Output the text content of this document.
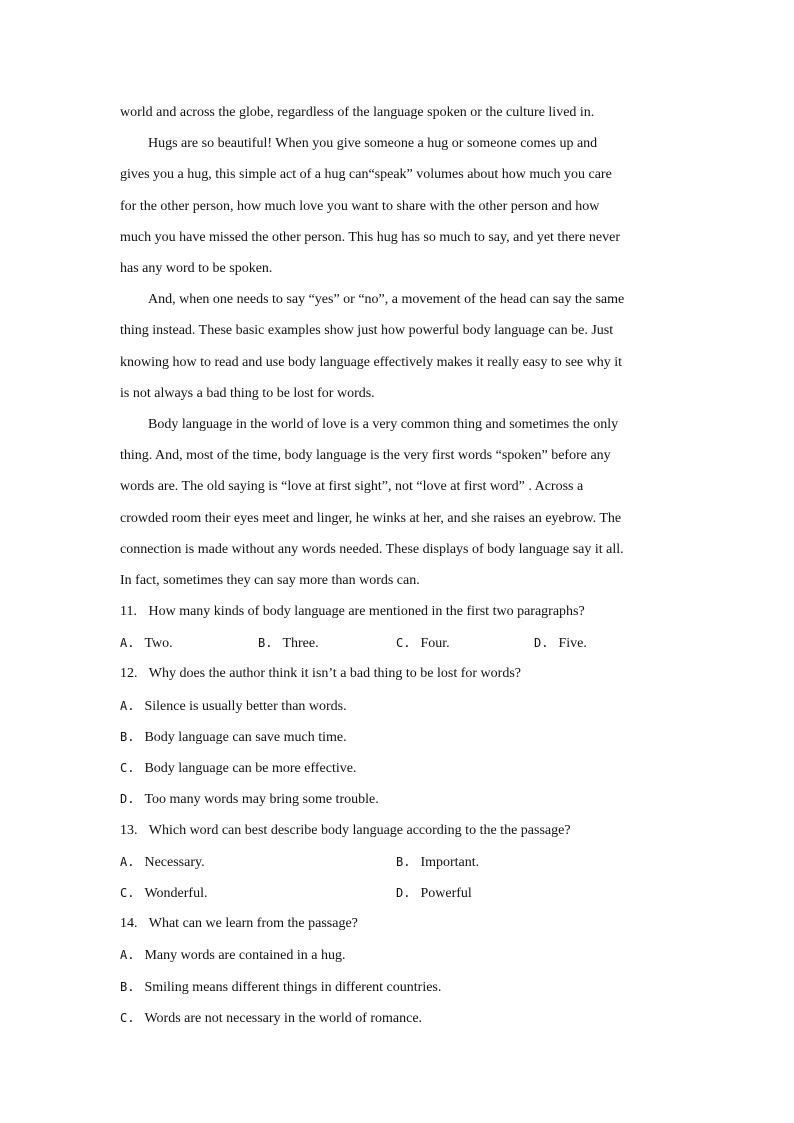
world and across the globe, regardless of the language spoken or the culture lived in.
Hugs are so beautiful! When you give someone a hug or someone comes up and
gives you a hug, this simple act of a hug can“speak” volumes about how much you care
for the other person, how much love you want to share with the other person and how
much you have missed the other person. This hug has so much to say, and yet there never
has any word to be spoken.
And, when one needs to say “yes” or “no”, a movement of the head can say the same
thing instead. These basic examples show just how powerful body language can be. Just
knowing how to read and use body language effectively makes it really easy to see why it
is not always a bad thing to be lost for words.
Body language in the world of love is a very common thing and sometimes the only
thing. And, most of the time, body language is the very first words “spoken” before any
words are. The old saying is “love at first sight”, not “love at first word” . Across a
crowded room their eyes meet and linger, he winks at her, and she raises an eyebrow. The
connection is made without any words needed. These displays of body language say it all.
In fact, sometimes they can say more than words can.
11. How many kinds of body language are mentioned in the first two paragraphs?
A. Two.	B. Three.	C. Four.	D. Five.
12. Why does the author think it isn’t a bad thing to be lost for words?
A. Silence is usually better than words.
B. Body language can save much time.
C. Body language can be more effective.
D. Too many words may bring some trouble.
13. Which word can best describe body language according to the the passage?
A. Necessary.	B. Important.
C. Wonderful.	D. Powerful
14. What can we learn from the passage?
A. Many words are contained in a hug.
B. Smiling means different things in different countries.
C. Words are not necessary in the world of romance.
